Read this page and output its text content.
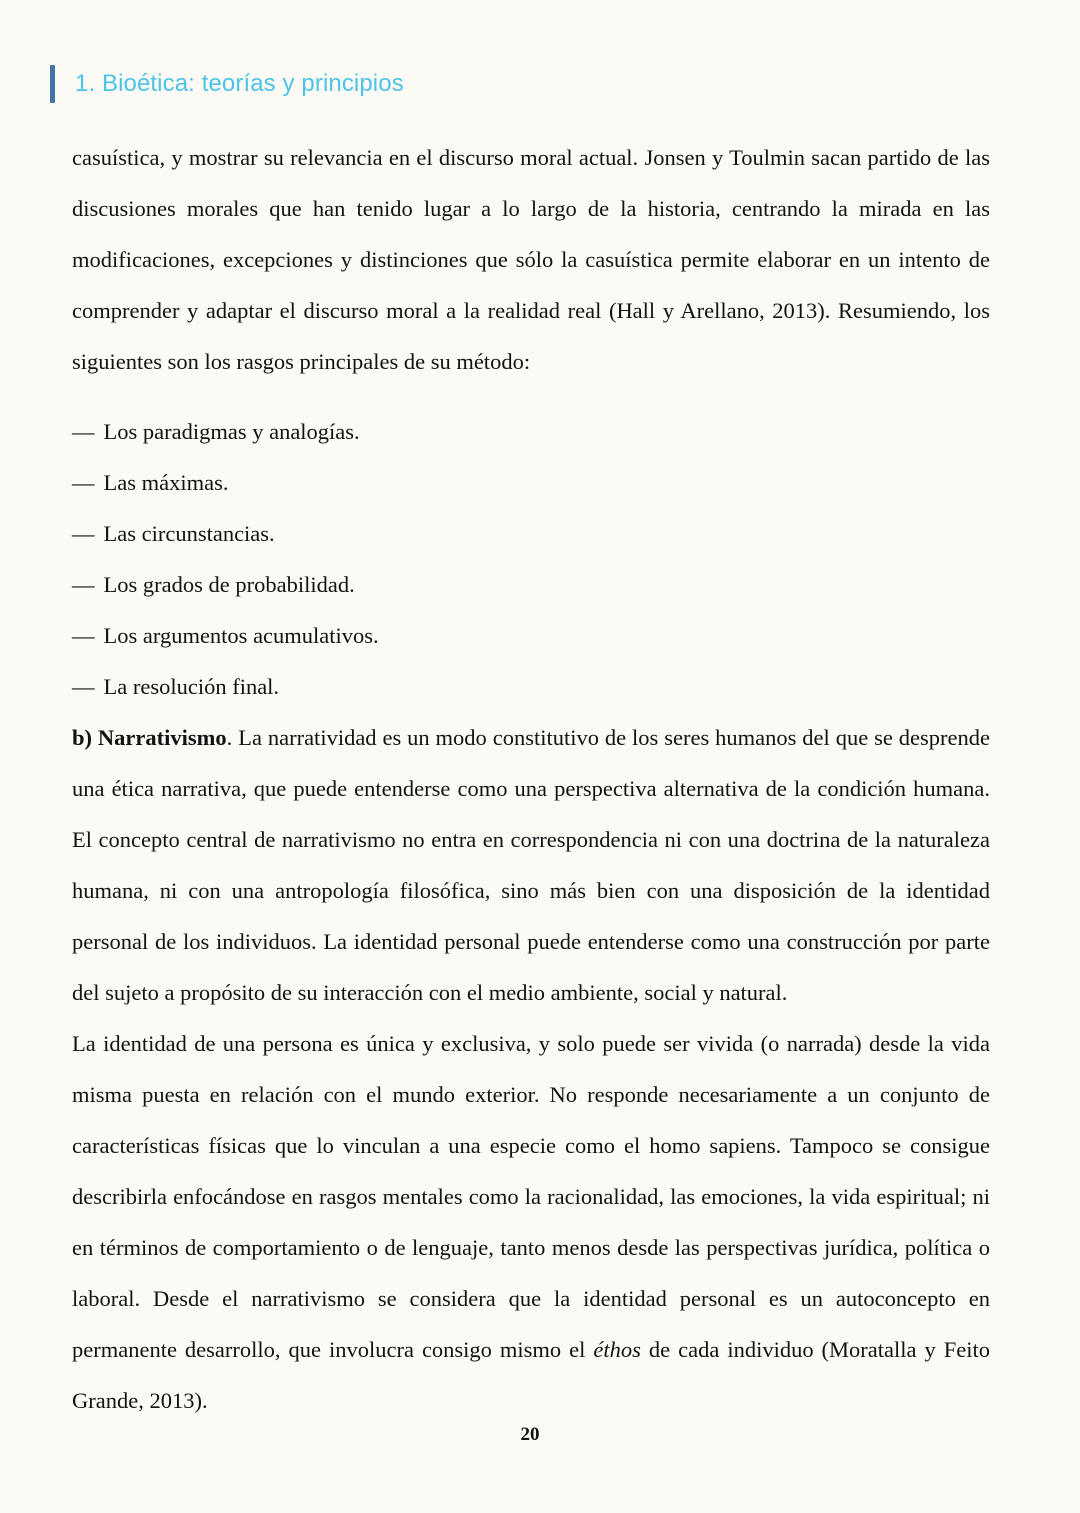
1. Bioética: teorías y principios

casuística, y mostrar su relevancia en el discurso moral actual. Jonsen y Toulmin sacan partido de las discusiones morales que han tenido lugar a lo largo de la historia, centrando la mirada en las modificaciones, excepciones y distinciones que sólo la casuística permite elaborar en un intento de comprender y adaptar el discurso moral a la realidad real (Hall y Arellano, 2013). Resumiendo, los siguientes son los rasgos principales de su método:

— Los paradigmas y analogías.
— Las máximas.
— Las circunstancias.
— Los grados de probabilidad.
— Los argumentos acumulativos.
— La resolución final.

b) Narrativismo. La narratividad es un modo constitutivo de los seres humanos del que se desprende una ética narrativa, que puede entenderse como una perspectiva alternativa de la condición humana. El concepto central de narrativismo no entra en correspondencia ni con una doctrina de la naturaleza humana, ni con una antropología filosófica, sino más bien con una disposición de la identidad personal de los individuos. La identidad personal puede entenderse como una construcción por parte del sujeto a propósito de su interacción con el medio ambiente, social y natural.

La identidad de una persona es única y exclusiva, y solo puede ser vivida (o narrada) desde la vida misma puesta en relación con el mundo exterior. No responde necesariamente a un conjunto de características físicas que lo vinculan a una especie como el homo sapiens. Tampoco se consigue describirla enfocándose en rasgos mentales como la racionalidad, las emociones, la vida espiritual; ni en términos de comportamiento o de lenguaje, tanto menos desde las perspectivas jurídica, política o laboral. Desde el narrativismo se considera que la identidad personal es un autoconcepto en permanente desarrollo, que involucra consigo mismo el éthos de cada individuo (Moratalla y Feito Grande, 2013).

20
